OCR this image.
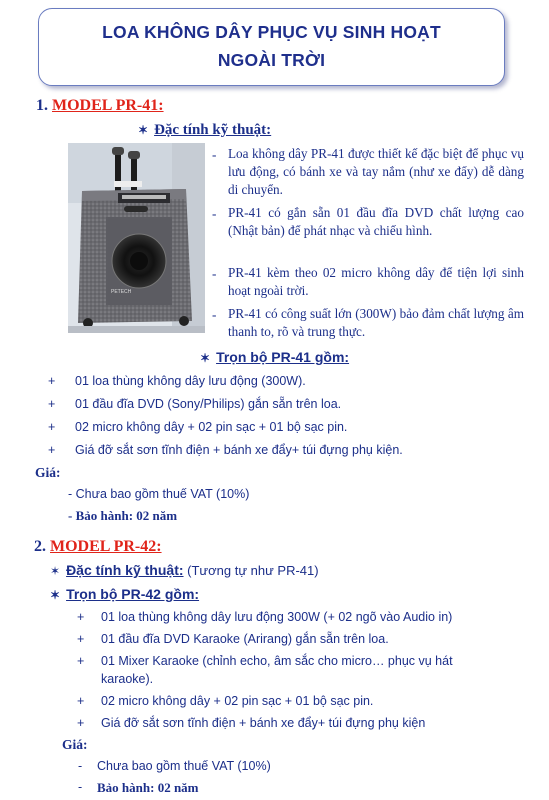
LOA KHÔNG DÂY PHỤC VỤ SINH HOẠT
NGOÀI TRỜI
1. MODEL PR-41:
✶ Đặc tính kỹ thuật:
PETECH
- Loa không dây PR-41 được thiết kế đặc biệt để phục vụ lưu động, có bánh xe và tay nắm (như xe đẩy) dễ dàng di chuyển.
- PR-41 có gắn sẵn 01 đầu đĩa DVD chất lượng cao (Nhật bản) để phát nhạc và chiếu hình.
- PR-41 kèm theo 02 micro không dây để tiện lợi sinh hoạt ngoài trời.
- PR-41 có công suất lớn (300W) bảo đảm chất lượng âm thanh to, rõ và trung thực.
✶ Trọn bộ PR-41 gồm:
+ 01 loa thùng không dây lưu động (300W).
+ 01 đầu đĩa DVD (Sony/Philips) gắn sẵn trên loa.
+ 02 micro không dây + 02 pin sạc + 01 bộ sạc pin.
+ Giá đỡ sắt sơn tĩnh điện + bánh xe đẩy+ túi đựng phụ kiện.
Giá:
- Chưa bao gồm thuế VAT (10%)
- Bảo hành: 02 năm
2. MODEL PR-42:
✶ Đặc tính kỹ thuật: (Tương tự như PR-41)
✶ Trọn bộ PR-42 gồm:
+ 01 loa thùng không dây lưu động 300W (+ 02 ngõ vào Audio in)
+ 01 đầu đĩa DVD Karaoke (Arirang) gắn sẵn trên loa.
+ 01 Mixer Karaoke (chỉnh echo, âm sắc cho micro… phục vụ hát
karaoke).
+ 02 micro không dây + 02 pin sạc + 01 bộ sạc pin.
+ Giá đỡ sắt sơn tĩnh điện + bánh xe đẩy+ túi đựng phụ kiện
Giá:
- Chưa bao gồm thuế VAT (10%)
- Bảo hành: 02 năm
